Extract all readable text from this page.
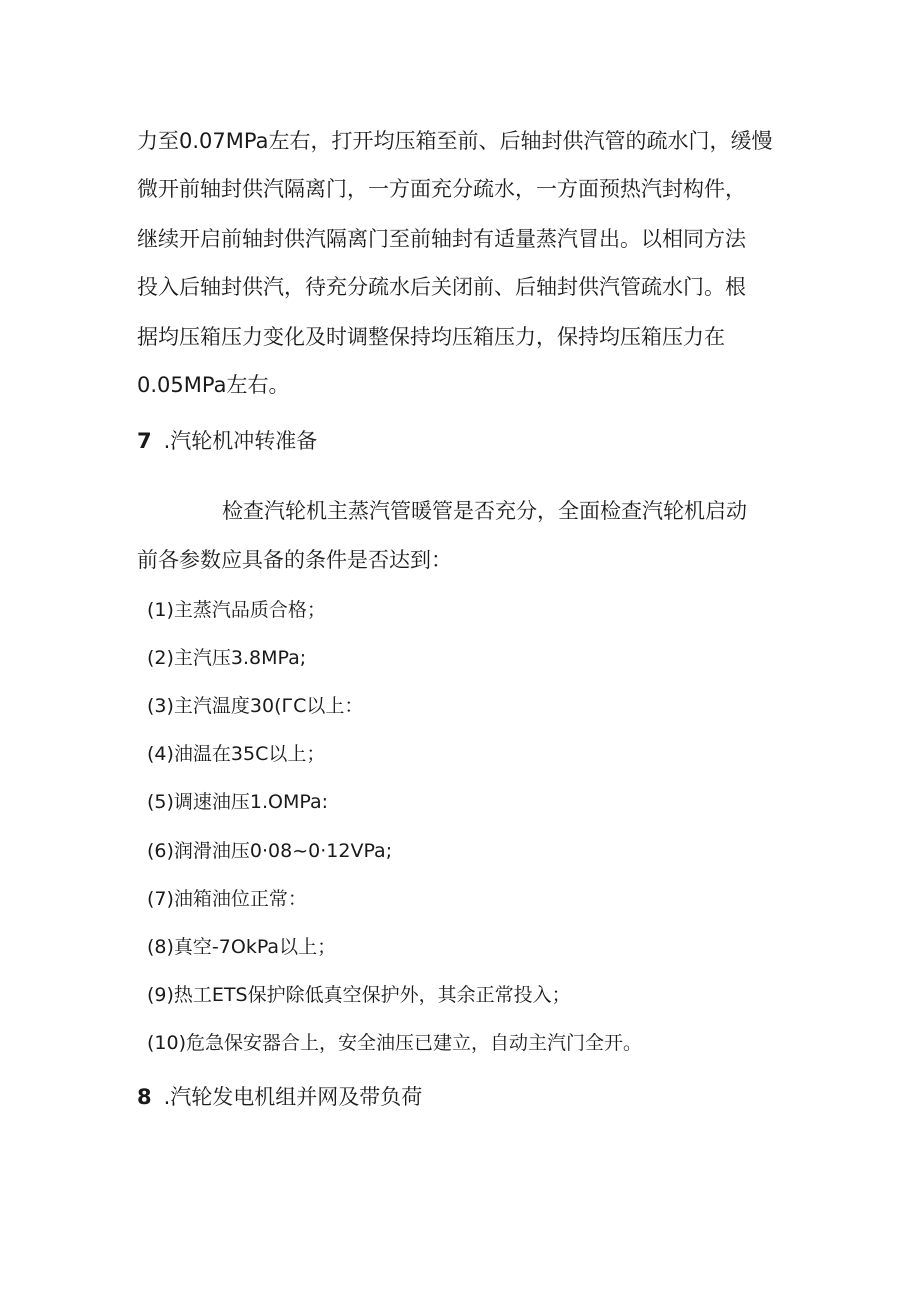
力至0.07MPa左右，打开均压箱至前、后轴封供汽管的疏水门，缓慢
微开前轴封供汽隔离门，一方面充分疏水，一方面预热汽封构件，
继续开启前轴封供汽隔离门至前轴封有适量蒸汽冒出。以相同方法
投入后轴封供汽，待充分疏水后关闭前、后轴封供汽管疏水门。根
据均压箱压力变化及时调整保持均压箱压力，保持均压箱压力在
0.05MPa左右。
7 .汽轮机冲转准备
检查汽轮机主蒸汽管暖管是否充分，全面检查汽轮机启动
前各参数应具备的条件是否达到：
(1)主蒸汽品质合格；
(2)主汽压3.8MPa;
(3)主汽温度30(ГC以上：
(4)油温在35C以上；
(5)调速油压1.OMPa:
(6)润滑油压0·08~0·12VPa;
(7)油箱油位正常：
(8)真空-7OkPa以上；
(9)热工ETS保护除低真空保护外，其余正常投入；
(10)危急保安器合上，安全油压已建立，自动主汽门全开。
8 .汽轮发电机组并网及带负荷
